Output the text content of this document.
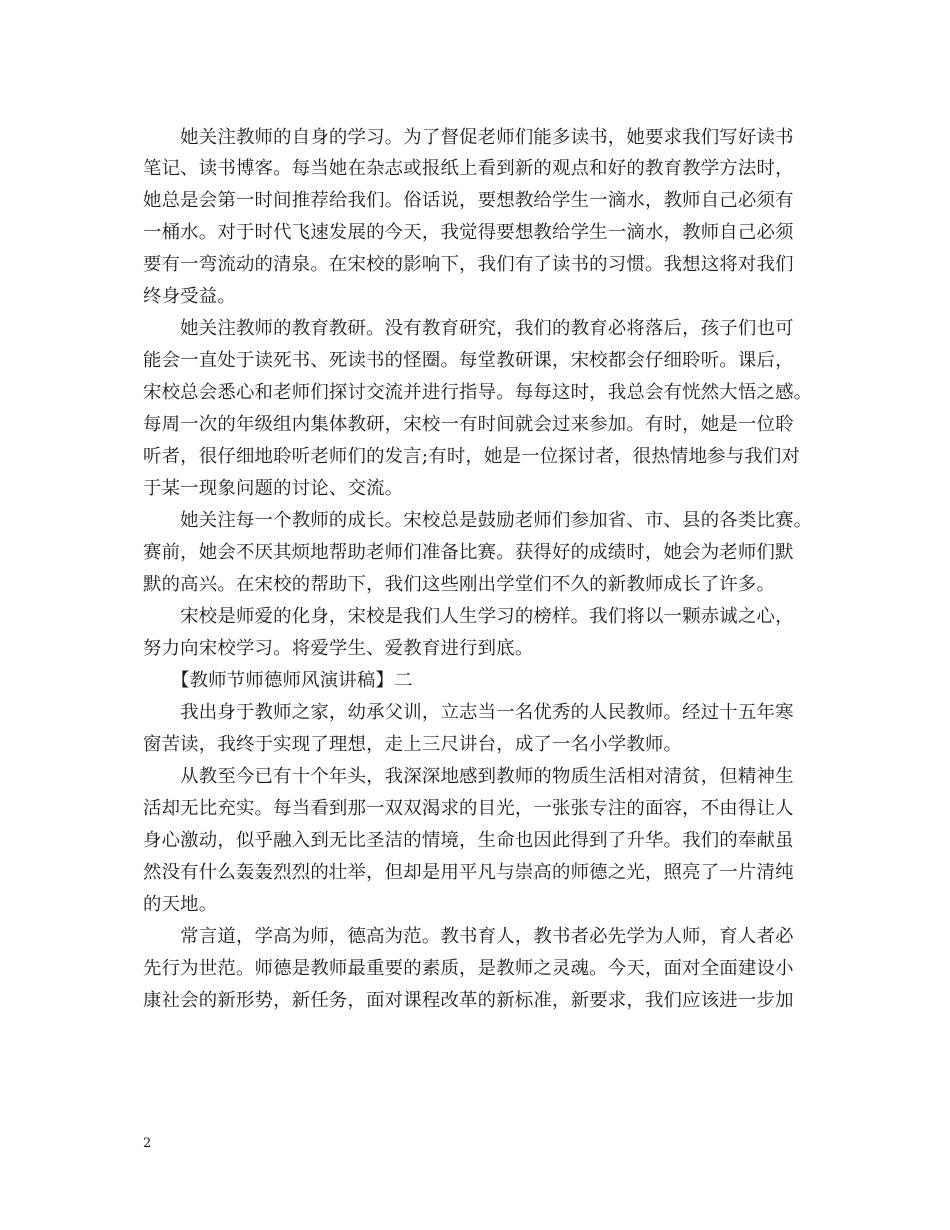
　　她关注教师的自身的学习。为了督促老师们能多读书，她要求我们写好读书
笔记、读书博客。每当她在杂志或报纸上看到新的观点和好的教育教学方法时，
她总是会第一时间推荐给我们。俗话说，要想教给学生一滴水，教师自己必须有
一桶水。对于时代飞速发展的今天，我觉得要想教给学生一滴水，教师自己必须
要有一弯流动的清泉。在宋校的影响下，我们有了读书的习惯。我想这将对我们
终身受益。
　　她关注教师的教育教研。没有教育研究，我们的教育必将落后，孩子们也可
能会一直处于读死书、死读书的怪圈。每堂教研课，宋校都会仔细聆听。课后，
宋校总会悉心和老师们探讨交流并进行指导。每每这时，我总会有恍然大悟之感。
每周一次的年级组内集体教研，宋校一有时间就会过来参加。有时，她是一位聆
听者，很仔细地聆听老师们的发言;有时，她是一位探讨者，很热情地参与我们对
于某一现象问题的讨论、交流。
　　她关注每一个教师的成长。宋校总是鼓励老师们参加省、市、县的各类比赛。
赛前，她会不厌其烦地帮助老师们准备比赛。获得好的成绩时，她会为老师们默
默的高兴。在宋校的帮助下，我们这些刚出学堂们不久的新教师成长了许多。
　　宋校是师爱的化身，宋校是我们人生学习的榜样。我们将以一颗赤诚之心，
努力向宋校学习。将爱学生、爱教育进行到底。
　　【教师节师德师风演讲稿】二
　　我出身于教师之家，幼承父训，立志当一名优秀的人民教师。经过十五年寒
窗苦读，我终于实现了理想，走上三尺讲台，成了一名小学教师。
　　从教至今已有十个年头，我深深地感到教师的物质生活相对清贫，但精神生
活却无比充实。每当看到那一双双渴求的目光，一张张专注的面容，不由得让人
身心激动，似乎融入到无比圣洁的情境，生命也因此得到了升华。我们的奉献虽
然没有什么轰轰烈烈的壮举，但却是用平凡与崇高的师德之光，照亮了一片清纯
的天地。
　　常言道，学高为师，德高为范。教书育人，教书者必先学为人师，育人者必
先行为世范。师德是教师最重要的素质，是教师之灵魂。今天，面对全面建设小
康社会的新形势，新任务，面对课程改革的新标准，新要求，我们应该进一步加
2
